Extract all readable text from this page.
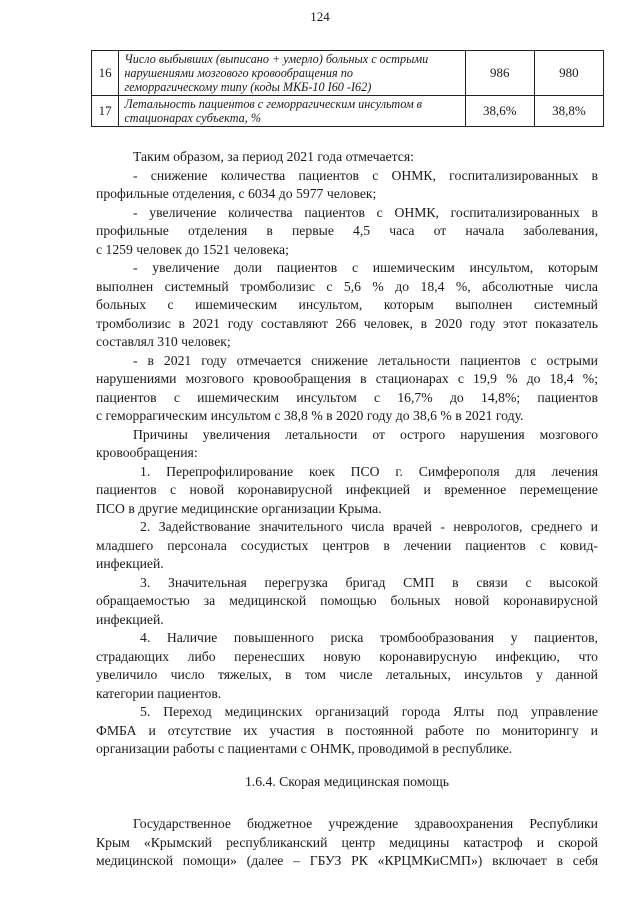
124
16	Число выбывших (выписано + умерло) больных с острыми
нарушениями мозгового кровообращения по
геморрагическому типу (коды МКБ-10 I60 -I62)	986	980
17	Летальность пациентов с геморрагическим инсультом в
стационарах субъекта, %	38,6%	38,8%
Таким образом, за период 2021 года отмечается:
- снижение количества пациентов с ОНМК, госпитализированных в
профильные отделения, с 6034 до 5977 человек;
- увеличение количества пациентов с ОНМК, госпитализированных в
профильные отделения в первые 4,5 часа от начала заболевания,
с 1259 человек до 1521 человека;
- увеличение доли пациентов с ишемическим инсультом, которым
выполнен системный тромболизис с 5,6 % до 18,4 %, абсолютные числа
больных с ишемическим инсультом, которым выполнен системный
тромболизис в 2021 году составляют 266 человек, в 2020 году этот показатель
составлял 310 человек;
- в 2021 году отмечается снижение летальности пациентов с острыми
нарушениями мозгового кровообращения в стационарах с 19,9 % до 18,4 %;
пациентов с ишемическим инсультом с 16,7% до 14,8%; пациентов
с геморрагическим инсультом с 38,8 % в 2020 году до 38,6 % в 2021 году.
Причины увеличения летальности от острого нарушения мозгового
кровообращения:
1. Перепрофилирование коек ПСО г. Симферополя для лечения
пациентов с новой коронавирусной инфекцией и временное перемещение
ПСО в другие медицинские организации Крыма.
2. Задействование значительного числа врачей - неврологов, среднего и
младшего персонала сосудистых центров в лечении пациентов с ковид-
инфекцией.
3. Значительная перегрузка бригад СМП в связи с высокой
обращаемостью за медицинской помощью больных новой коронавирусной
инфекцией.
4. Наличие повышенного риска тромбообразования у пациентов,
страдающих либо перенесших новую коронавирусную инфекцию, что
увеличило число тяжелых, в том числе летальных, инсультов у данной
категории пациентов.
5. Переход медицинских организаций города Ялты под управление
ФМБА и отсутствие их участия в постоянной работе по мониторингу и
организации работы с пациентами с ОНМК, проводимой в республике.
1.6.4. Скорая медицинская помощь
Государственное бюджетное учреждение здравоохранения Республики
Крым «Крымский республиканский центр медицины катастроф и скорой
медицинской помощи» (далее – ГБУЗ РК «КРЦМКиСМП») включает в себя
